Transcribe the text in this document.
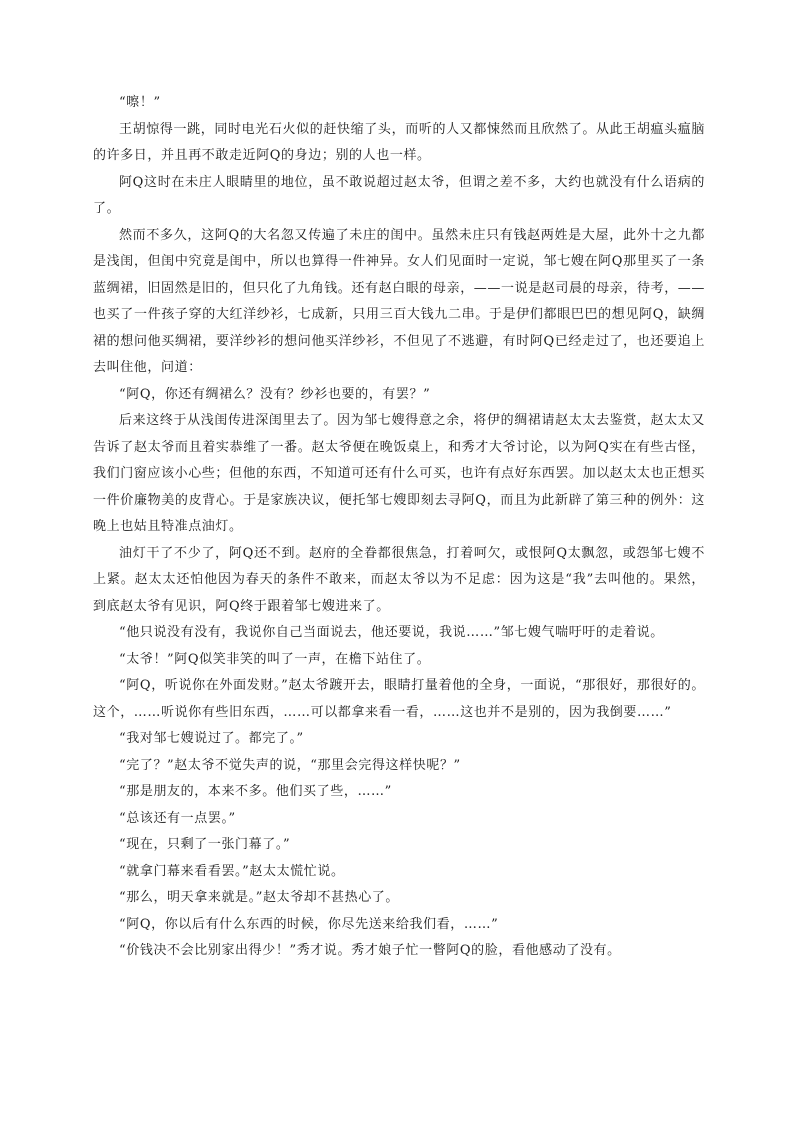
“嚓！”

王胡惊得一跳，同时电光石火似的赶快缩了头，而听的人又都悚然而且欣然了。从此王胡瘟头瘟脑的许多日，并且再不敢走近阿Q的身边；别的人也一样。

阿Q这时在未庄人眼睛里的地位，虽不敢说超过赵太爷，但谓之差不多，大约也就没有什么语病的了。

然而不多久，这阿Q的大名忽又传遍了未庄的闺中。虽然未庄只有钱赵两姓是大屋，此外十之九都是浅闺，但闺中究竟是闺中，所以也算得一件神异。女人们见面时一定说，邹七嫂在阿Q那里买了一条蓝绸裙，旧固然是旧的，但只化了九角钱。还有赵白眼的母亲，——一说是赵司晨的母亲，待考，——也买了一件孩子穿的大红洋纱衫，七成新，只用三百大钱九二串。于是伊们都眼巴巴的想见阿Q，缺绸裙的想问他买绸裙，要洋纱衫的想问他买洋纱衫，不但见了不逃避，有时阿Q已经走过了，也还要追上去叫住他，问道：

“阿Q，你还有绸裙么？没有？纱衫也要的，有罢？”

后来这终于从浅闺传进深闺里去了。因为邹七嫂得意之余，将伊的绸裙请赵太太去鉴赏，赵太太又告诉了赵太爷而且着实恭维了一番。赵太爷便在晚饭桌上，和秀才大爷讨论，以为阿Q实在有些古怪，我们门窗应该小心些；但他的东西，不知道可还有什么可买，也许有点好东西罢。加以赵太太也正想买一件价廉物美的皮背心。于是家族决议，便托邹七嫂即刻去寻阿Q，而且为此新辟了第三种的例外：这晚上也姑且特准点油灯。

油灯干了不少了，阿Q还不到。赵府的全眷都很焦急，打着呵欠，或恨阿Q太飘忽，或怨邹七嫂不上紧。赵太太还怕他因为春天的条件不敢来，而赵太爷以为不足虑：因为这是“我”去叫他的。果然，到底赵太爷有见识，阿Q终于跟着邹七嫂进来了。

“他只说没有没有，我说你自己当面说去，他还要说，我说……”邹七嫂气喘吁吁的走着说。

“太爷！”阿Q似笑非笑的叫了一声，在檐下站住了。

“阿Q，听说你在外面发财。”赵太爷踱开去，眼睛打量着他的全身，一面说，“那很好，那很好的。这个，……听说你有些旧东西，……可以都拿来看一看，……这也并不是别的，因为我倒要……”

“我对邹七嫂说过了。都完了。”

“完了？”赵太爷不觉失声的说，“那里会完得这样快呢？”

“那是朋友的，本来不多。他们买了些，……”

“总该还有一点罢。”

“现在，只剩了一张门幕了。”

“就拿门幕来看看罢。”赵太太慌忙说。

“那么，明天拿来就是。”赵太爷却不甚热心了。

“阿Q，你以后有什么东西的时候，你尽先送来给我们看，……”

“价钱决不会比别家出得少！”秀才说。秀才娘子忙一瞥阿Q的脸，看他感动了没有。
